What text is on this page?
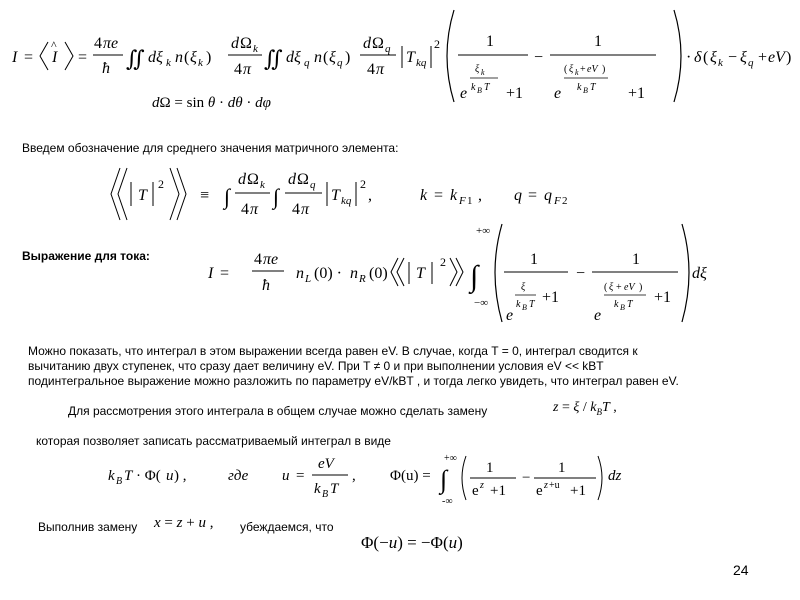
I = I
^
=
4 πe
ħ ∬ dξ k n ( ξ k )
d Ω k
4 π ∬ dξ q n ( ξ q )
d Ω q
4 π
T kq
2	1
e
ξ k
k B T +1
−
1
e
( ξ k + eV )
k B T +1
· δ ( ξ k − ξ q + eV )
dΩ = sin θ · dθ · dφ
Введем обозначение для среднего значения матричного элемента:
T
2
≡ ∫
d Ω k
4 π
∫
d Ω q
4 π
T kq
2
,	k = k F 1 , q = q F 2
Выражение для тока:
I =
4 πe
ħ
n L (0) · n R (0) T
2
+∞
∫
−∞
1
e
ξ
k B T +1
−
1
e
( ξ + eV )
k B T +1
dξ
Можно показать, что интеграл в этом выражении всегда равен eV. В случае, когда T = 0, интеграл сводится к
вычитанию двух ступенек, что сразу дает величину eV. При T ≠ 0 и при выполнении условия eV << kBT
подинтегральное выражение можно разложить по параметру eV/kBT , и тогда легко увидеть, что интеграл равен eV.
Для рассмотрения этого интеграла в общем случае можно сделать замену	$z = \xi / k_BT$ ,
которая позволяет записать рассматриваемый интеграл в виде
k B T · Φ( u ) ,	где u =
eV
k B T
, Φ(u) =
+∞
∫
-∞
1
e z +1
−
1
e z +u +1
dz
Выполнив замену x = z + u , убеждаемся, что
Φ(−u) = −Φ(u)
24
